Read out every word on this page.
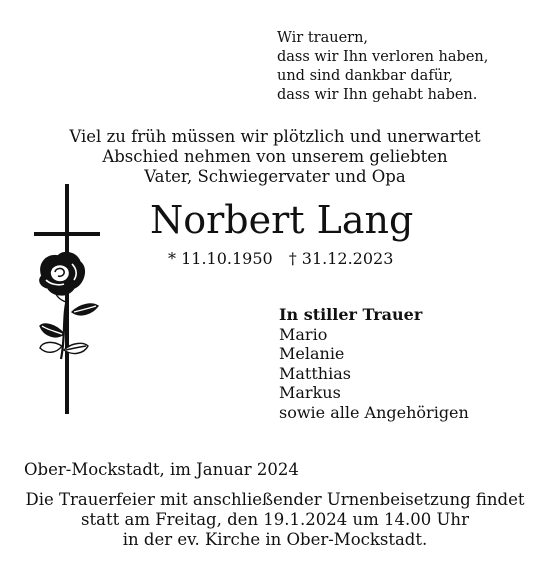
Wir trauern,
dass wir Ihn verloren haben,
und sind dankbar dafür,
dass wir Ihn gehabt haben.
Viel zu früh müssen wir plötzlich und unerwartet
Abschied nehmen von unserem geliebten
Vater, Schwiegervater und Opa
Norbert Lang
* 11.10.1950 † 31.12.2023
In stiller Trauer
Mario
Melanie
Matthias
Markus
sowie alle Angehörigen
Ober-Mockstadt, im Januar 2024
Die Trauerfeier mit anschließender Urnenbeisetzung findet
statt am Freitag, den 19.1.2024 um 14.00 Uhr
in der ev. Kirche in Ober-Mockstadt.
